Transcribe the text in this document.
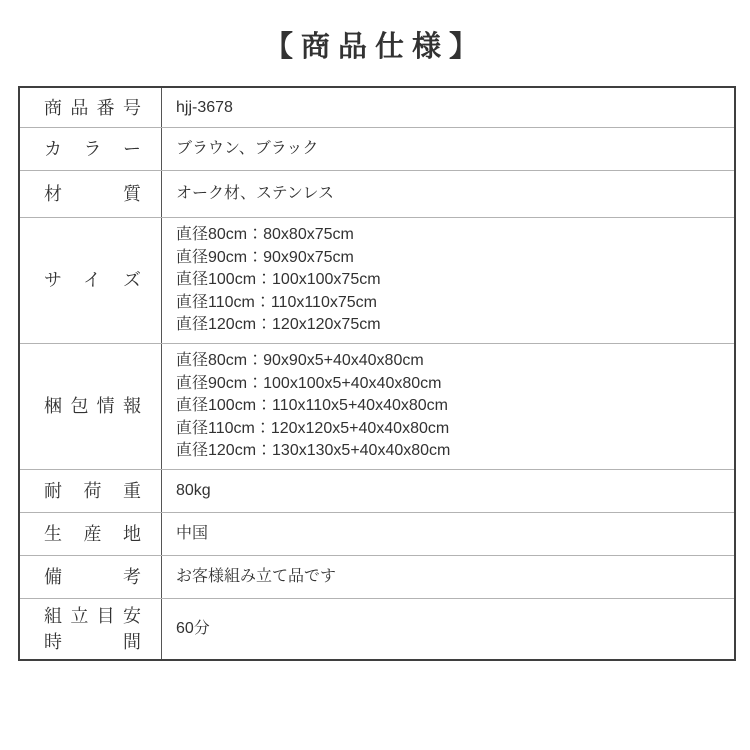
【商品仕様】
商品番号 hjj-3678
カラー ブラウン、ブラック
材質 オーク材、ステンレス
サイズ
直径80cm：80x80x75cm
直径90cm：90x90x75cm
直径100cm：100x100x75cm
直径110cm：110x110x75cm
直径120cm：120x120x75cm
梱包情報
直径80cm：90x90x5+40x40x80cm
直径90cm：100x100x5+40x40x80cm
直径100cm：110x110x5+40x40x80cm
直径110cm：120x120x5+40x40x80cm
直径120cm：130x130x5+40x40x80cm
耐荷重 80kg
生産地 中国
備考 お客様組み立て品です
組立目安
時間
60分
